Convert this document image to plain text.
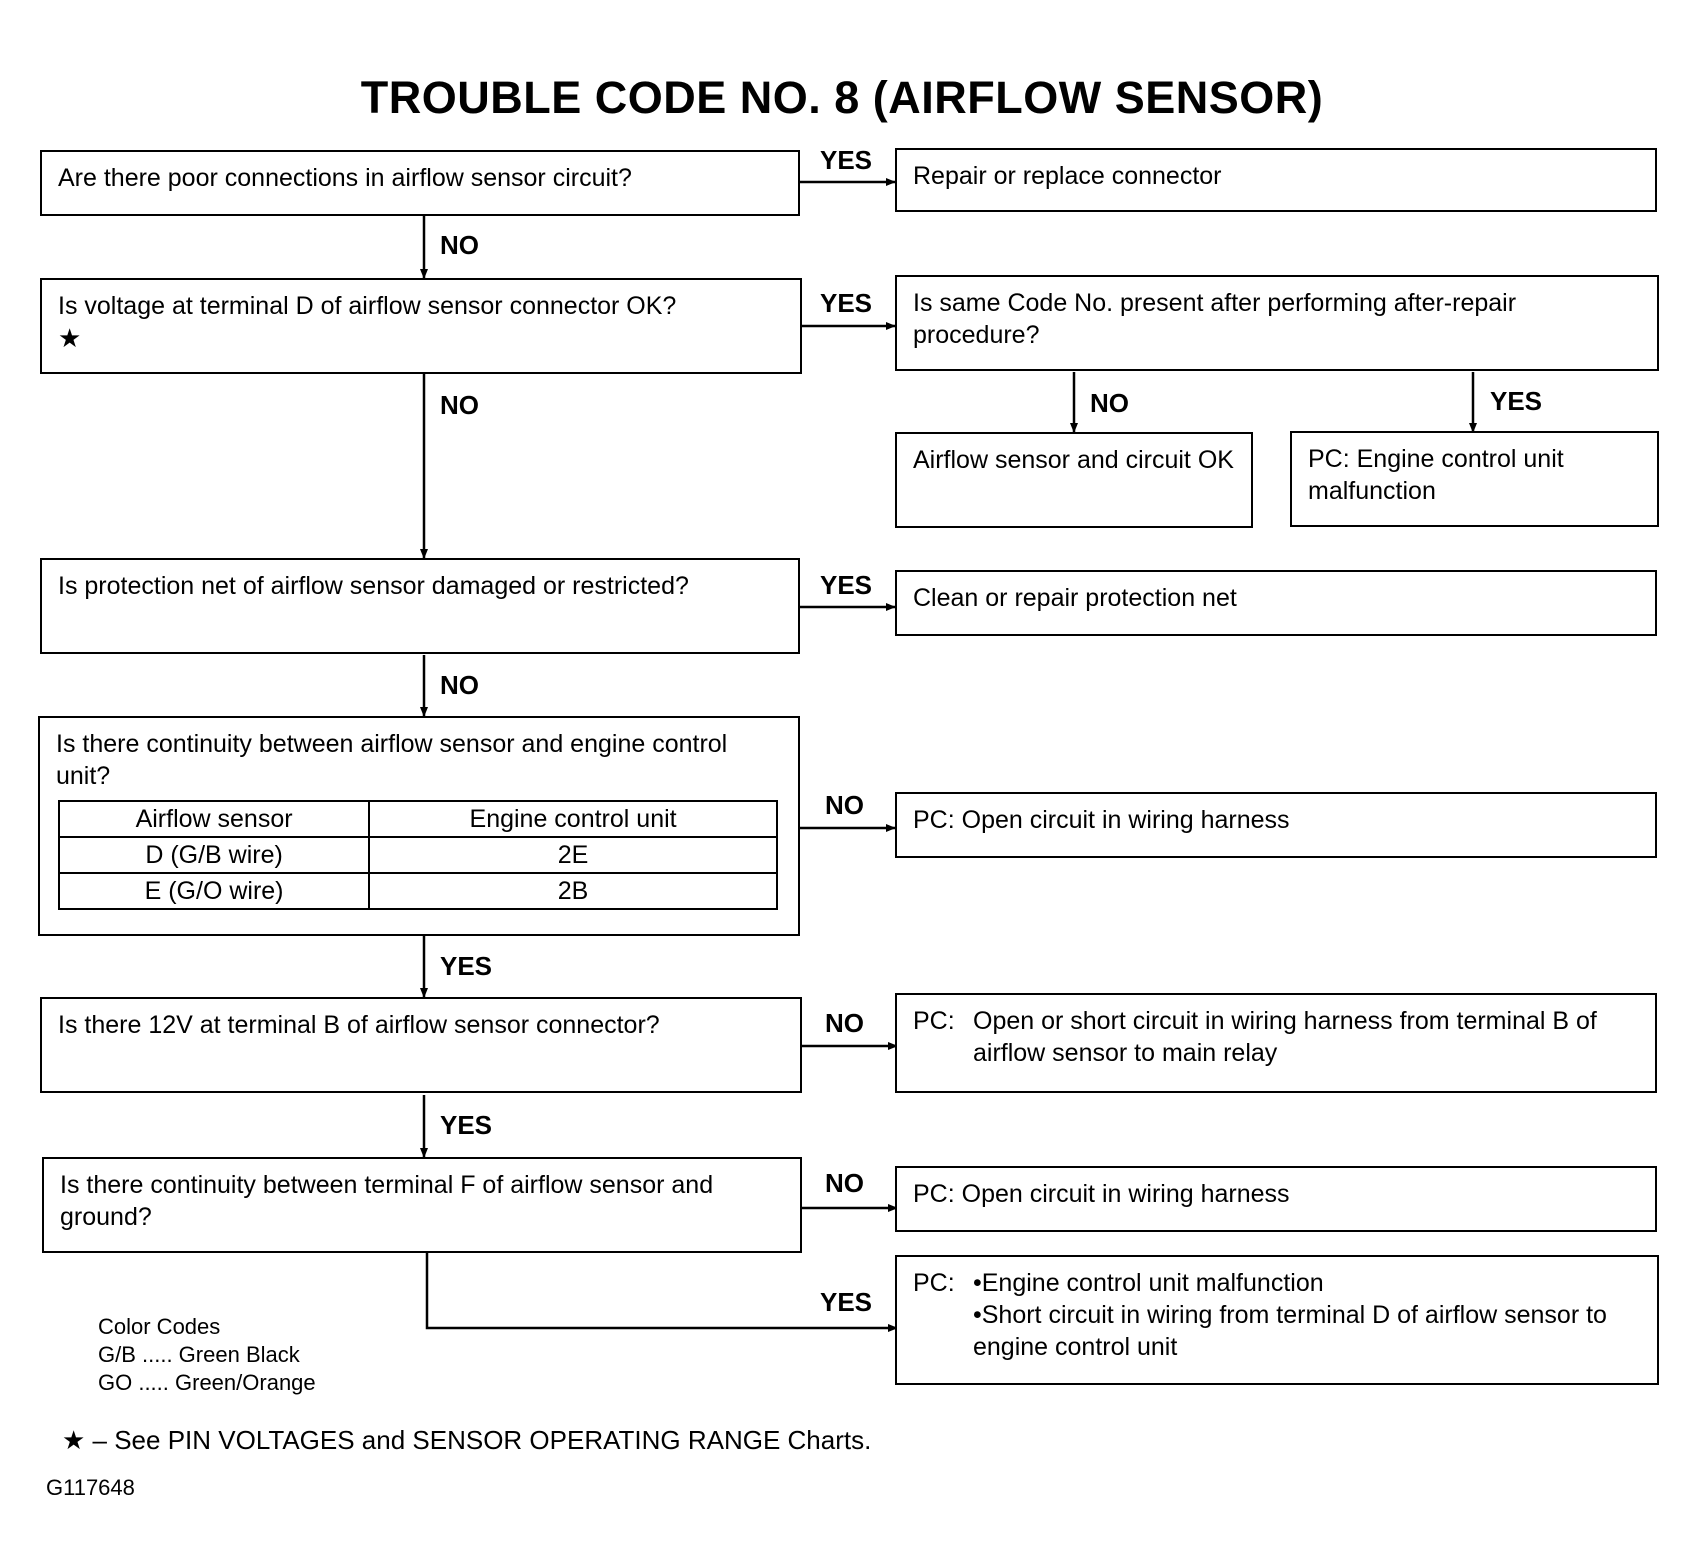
TROUBLE CODE NO. 8 (AIRFLOW SENSOR)

Are there poor connections in airflow sensor circuit?

YES

Repair or replace connector

NO

Is voltage at terminal D of airflow sensor connector OK?

★
YES Is same Code No. present after performing after-repair procedure?

NO	NO	YES

Airflow sensor and circuit OK	PC: Engine control unit malfunction

Is protection net of airflow sensor damaged or restricted?	YES Clean or repair protection net

NO

Is there continuity between airflow sensor and engine control unit?

Airflow sensor	Engine control unit
D (G/B wire)	2E
E (G/O wire)	2B
NO PC: Open circuit in wiring harness

YES

Is there 12V at terminal B of airflow sensor connector?	NO PC: Open or short circuit in wiring harness from terminal B of airflow sensor to main relay
YES

Is there continuity between terminal F of airflow sensor and ground?

NO PC: Open circuit in wiring harness

YES
PC: •Engine control unit malfunction

•Short circuit in wiring from terminal D of airflow sensor to engine control unit

Color Codes
G/B ..... Green Black
GO ..... Green/Orange
★ – See PIN VOLTAGES and SENSOR OPERATING RANGE Charts.
G117648
